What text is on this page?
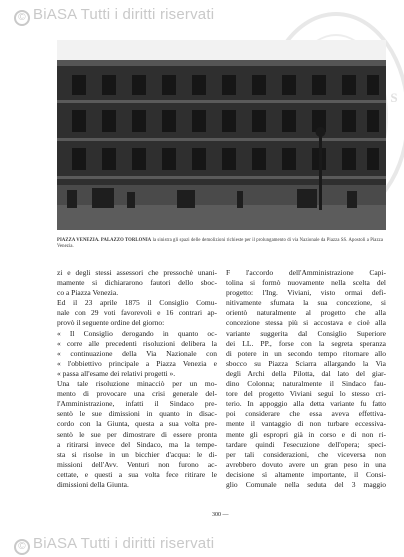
© BiASA Tutti i diritti riservati
S
PIAZZA VENEZIA. PALAZZO TORLONIA la sinistra gli spazi delle demolizioni richieste per il prolungamento di via Nazionale da Piazza SS. Apostoli a Piazza Venezia.
zi e degli stessi assessori che pressochè unani-
mamente si dichiararono fautori dello sboc-
co a Piazza Venezia.
Ed il 23 aprile 1875 il Consiglio Comu-
nale con 29 voti favorevoli e 16 contrari ap-
provò il seguente ordine del giorno:
« Il Consiglio derogando in quanto oc-
« corre alle precedenti risoluzioni delibera la
« continuazione della Via Nazionale con
« l'obbiettivo principale a Piazza Venezia e
« passa all'esame dei relativi progetti ».
Una tale risoluzione minacciò per un mo-
mento di provocare una crisi generale del-
l'Amministrazione, infatti il Sindaco pre-
sentò le sue dimissioni in quanto in disac-
cordo con la Giunta, questa a sua volta pre-
sentò le sue per dimostrare di essere pronta
a ritirarsi invece del Sindaco, ma la tempe-
sta si risolse in un bicchier d'acqua: le di-
missioni dell'Avv. Venturi non furono ac-
cettate, e questi a sua volta fece ritirare le
dimissioni della Giunta.
F l'accordo dell'Amministrazione Capi-
tolina si formò nuovamente nella scelta del
progetto: l'Ing. Viviani, visto ormai defi-
nitivamente sfumata la sua concezione, si
orientò naturalmente al progetto che alla
concezione stessa più si accostava e cioè alla
variante suggerita dal Consiglio Superiore
dei LL. PP., forse con la segreta speranza
di potere in un secondo tempo ritornare allo
sbocco su Piazza Sciarra allargando la Via
degli Archi della Pilotta, dal lato del giar-
dino Colonna; naturalmente il Sindaco fau-
tore del progetto Viviani seguì lo stesso cri-
terio. In appoggio alla detta variante fu fatto
poi considerare che essa aveva effettiva-
mente il vantaggio di non turbare eccessiva-
mente gli espropri già in corso e di non ri-
tardare quindi l'esecuzione dell'opera; speci-
per tali considerazioni, che viceversa non
avrebbero dovuto avere un gran peso in una
decisione sì altamente importante, il Consi-
glio Comunale nella seduta del 3 maggio
300 —
© BiASA Tutti i diritti riservati
